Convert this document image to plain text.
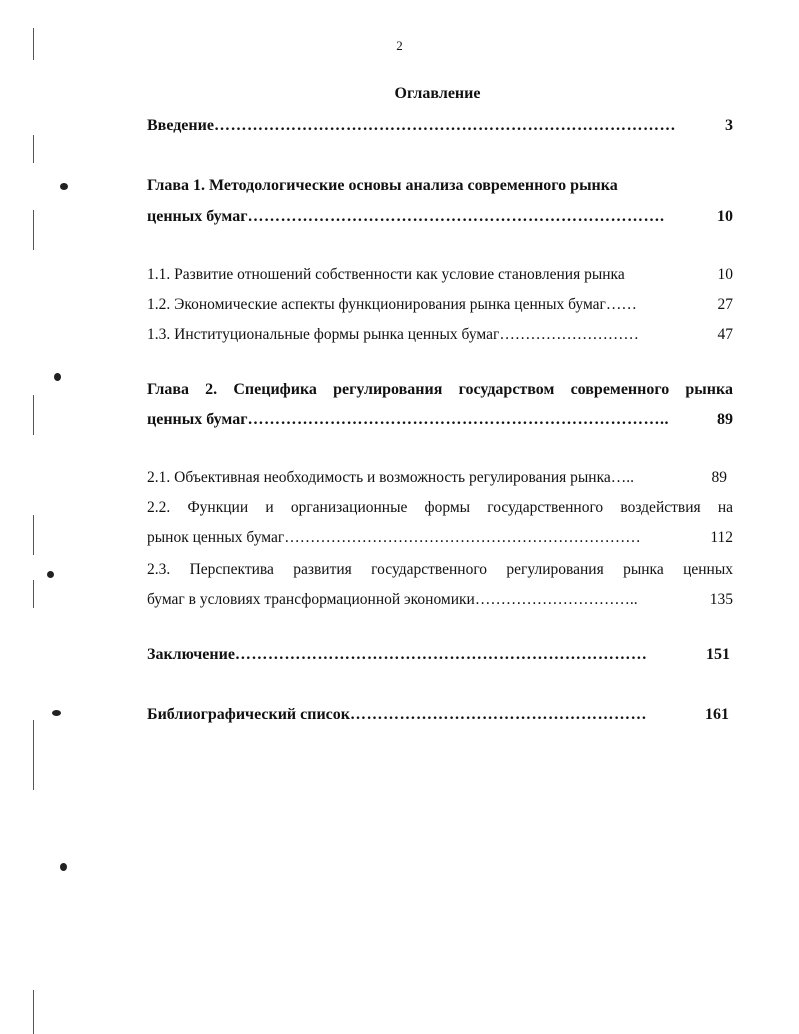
2
Оглавление
Введение …………………………………………………………………………	3
Глава 1. Методологические основы анализа современного рынка
ценных бумаг ………………………………………………………………….	10
1.1. Развитие отношений собственности как условие становления рынка	10
1.2. Экономические аспекты функционирования рынка ценных бумаг ……	27
1.3. Институциональные формы рынка ценных бумаг ………………………	47
Глава 2. Специфика регулирования государством современного рынка
ценных бумаг …………………………………………………………………..	89
2.1. Объективная необходимость и возможность регулирования рынка …..	89
2.2. Функции и организационные формы государственного воздействия на
рынок ценных бумаг ……………………………………………………………	112
2.3. Перспектива развития государственного регулирования рынка ценных
бумаг в условиях трансформационной экономики …………………………..	135
Заключение …………………………………………………………………	151
Библиографический список ………………………………………………	161
